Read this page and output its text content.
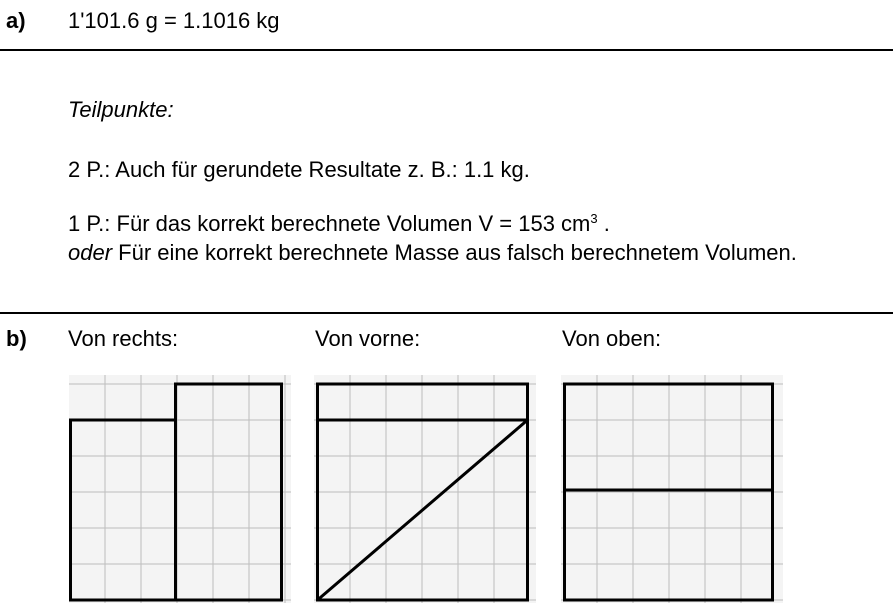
a) 1'101.6 g = 1.1016 kg
Teilpunkte:
2 P.: Auch für gerundete Resultate z. B.: 1.1 kg.
1 P.: Für das korrekt berechnete Volumen V = 153 $cm^3$ .
oder Für eine korrekt berechnete Masse aus falsch berechnetem Volumen.
b) Von rechts:	Von vorne:	Von oben:
